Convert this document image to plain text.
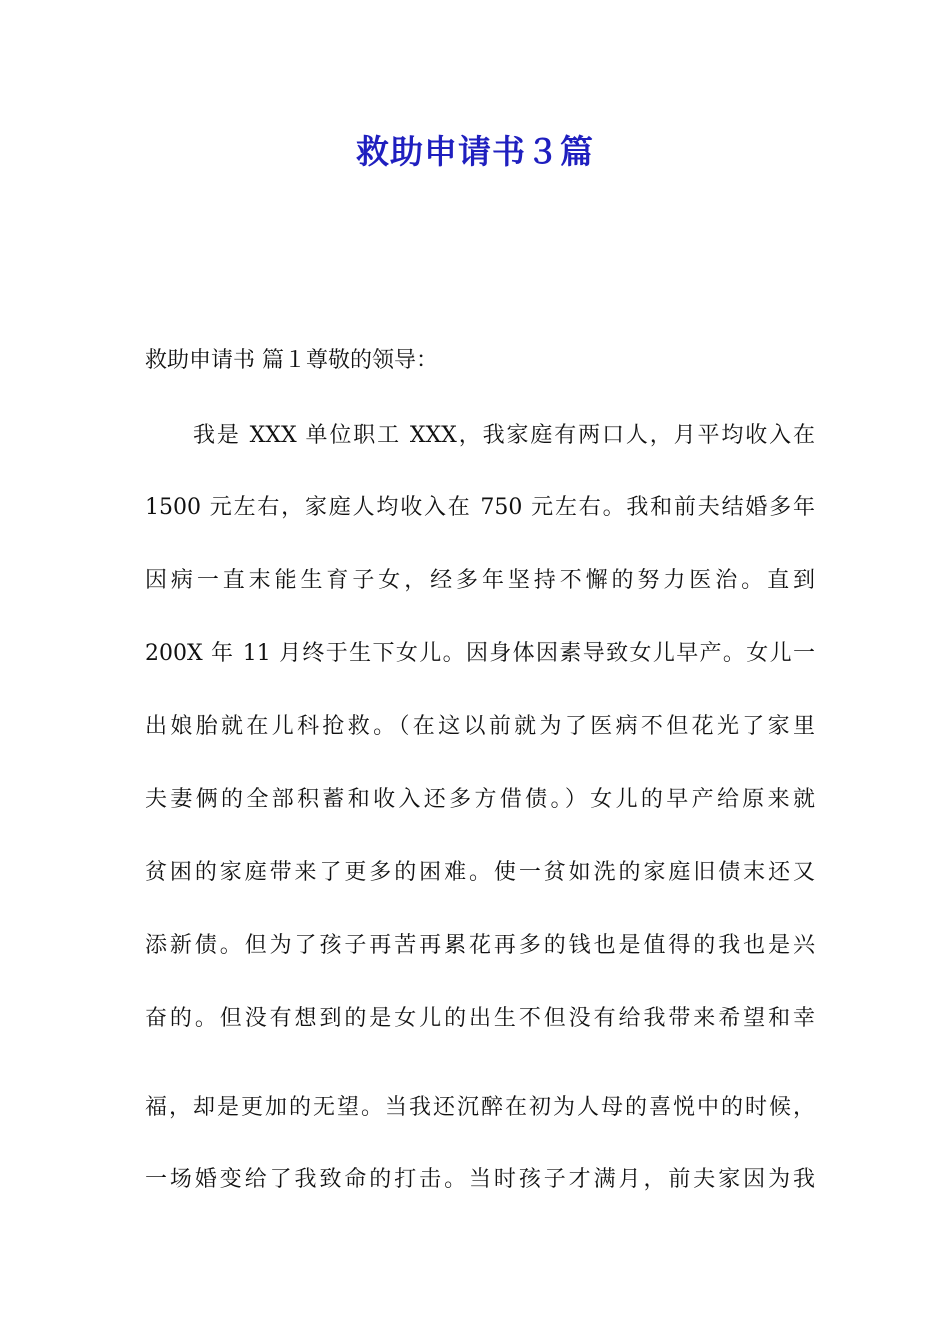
救助申请书３篇
救助申请书 篇１尊敬的领导：
我是 XXX 单位职工 XXX，我家庭有两口人，月平均收入在
1500 元左右，家庭人均收入在 750 元左右。我和前夫结婚多年
因病一直末能生育子女，经多年坚持不懈的努力医治。直到
200X 年 11 月终于生下女儿。因身体因素导致女儿早产。女儿一
出娘胎就在儿科抢救。（在这以前就为了医病不但花光了家里
夫妻俩的全部积蓄和收入还多方借债。）女儿的早产给原来就
贫困的家庭带来了更多的困难。使一贫如洗的家庭旧债末还又
添新债。但为了孩子再苦再累花再多的钱也是值得的我也是兴
奋的。但没有想到的是女儿的出生不但没有给我带来希望和幸
福，却是更加的无望。当我还沉醉在初为人母的喜悦中的时候，
一场婚变给了我致命的打击。当时孩子才满月，前夫家因为我
